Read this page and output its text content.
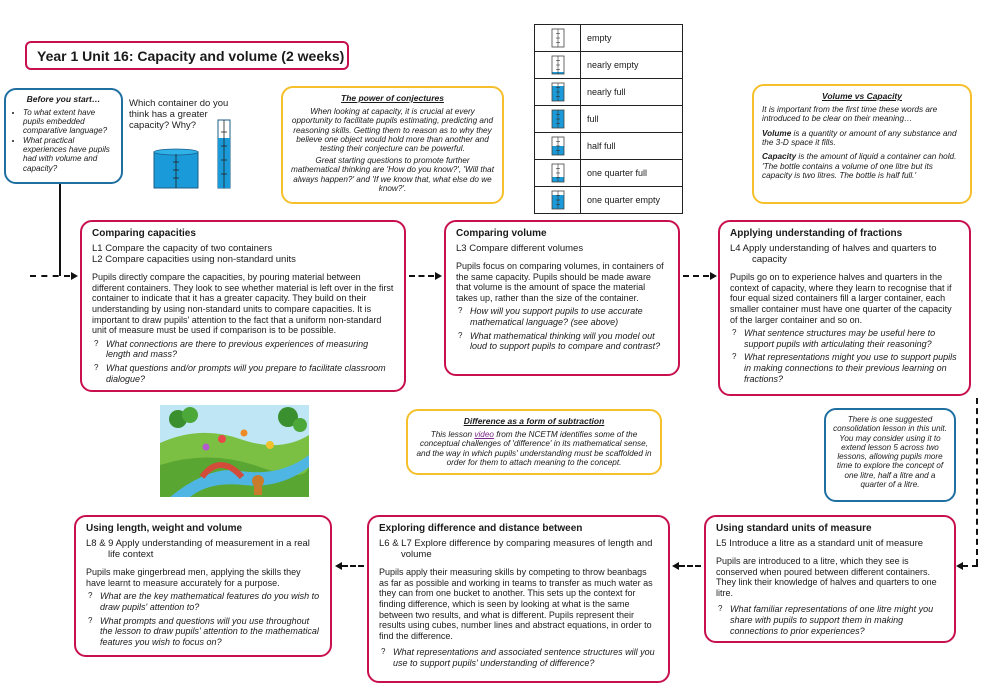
Year 1 Unit 16: Capacity and volume (2 weeks)
Before you start…
• To what extent have pupils embedded comparative language?
• What practical experiences have pupils had with volume and capacity?
Which container do you think has a greater capacity? Why?
The power of conjectures

When looking at capacity, it is crucial at every opportunity to facilitate pupils estimating, predicting and reasoning skills. Getting them to reason as to why they believe one object would hold more than another and testing their conjecture can be powerful.

Great starting questions to promote further mathematical thinking are 'How do you know?', 'Will that always happen?' and 'If we know that, what else do we know?'.

	empty
	nearly empty
	nearly full
	full
	half full
	one quarter full
	one quarter empty
Volume vs Capacity

It is important from the first time these words are introduced to be clear on their meaning…

Volume is a quantity or amount of any substance and the 3-D space it fills.

Capacity is the amount of liquid a container can hold. 'The bottle contains a volume of one litre but its capacity is two litres. The bottle is half full.'

Comparing capacities
L1 Compare the capacity of two containers
L2 Compare capacities using non-standard units

Pupils directly compare the capacities, by pouring material between different containers. They look to see whether material is left over in the first container to indicate that it has a greater capacity. They build on their understanding by using non-standard units to compare capacities. It is important to draw pupils' attention to the fact that a uniform non-standard unit of measure must be used if comparison is to be possible.

? What connections are there to previous experiences of measuring length and mass?
? What questions and/or prompts will you prepare to facilitate classroom dialogue?
Comparing volume
L3 Compare different volumes

Pupils focus on comparing volumes, in containers of the same capacity. Pupils should be made aware that volume is the amount of space the material takes up, rather than the size of the container.

? How will you support pupils to use accurate mathematical language? (see above)
? What mathematical thinking will you model out loud to support pupils to compare and contrast?
Applying understanding of fractions
L4 Apply understanding of halves and quarters to capacity

Pupils go on to experience halves and quarters in the context of capacity, where they learn to recognise that if four equal sized containers fill a larger container, each smaller container must have one quarter of the capacity of the larger container and so on.

? What sentence structures may be useful here to support pupils with articulating their reasoning?
? What representations might you use to support pupils in making connections to their previous learning on fractions?
Difference as a form of subtraction

This lesson video from the NCETM identifies some of the conceptual challenges of 'difference' in its mathematical sense, and the way in which pupils' understanding must be scaffolded in order for them to attach meaning to the concept.

There is one suggested consolidation lesson in this unit. You may consider using it to extend lesson 5 across two lessons, allowing pupils more time to explore the concept of one litre, half a litre and a quarter of a litre.

Using length, weight and volume
L8 & 9 Apply understanding of measurement in a real life context

Pupils make gingerbread men, applying the skills they have learnt to measure accurately for a purpose.

? What are the key mathematical features do you wish to draw pupils' attention to?
? What prompts and questions will you use throughout the lesson to draw pupils' attention to the mathematical features you wish to focus on?
Exploring difference and distance between
L6 & L7 Explore difference by comparing measures of length and volume

Pupils apply their measuring skills by competing to throw beanbags as far as possible and working in teams to transfer as much water as they can from one bucket to another. This sets up the context for finding difference, which is seen by looking at what is the same between two results, and what is different. Pupils represent their results using cubes, number lines and abstract equations, in order to find the difference.

? What representations and associated sentence structures will you use to support pupils' understanding of difference?
Using standard units of measure
L5 Introduce a litre as a standard unit of measure

Pupils are introduced to a litre, which they see is conserved when poured between different containers. They link their knowledge of halves and quarters to one litre.

? What familiar representations of one litre might you share with pupils to support them in making connections to prior experiences?
